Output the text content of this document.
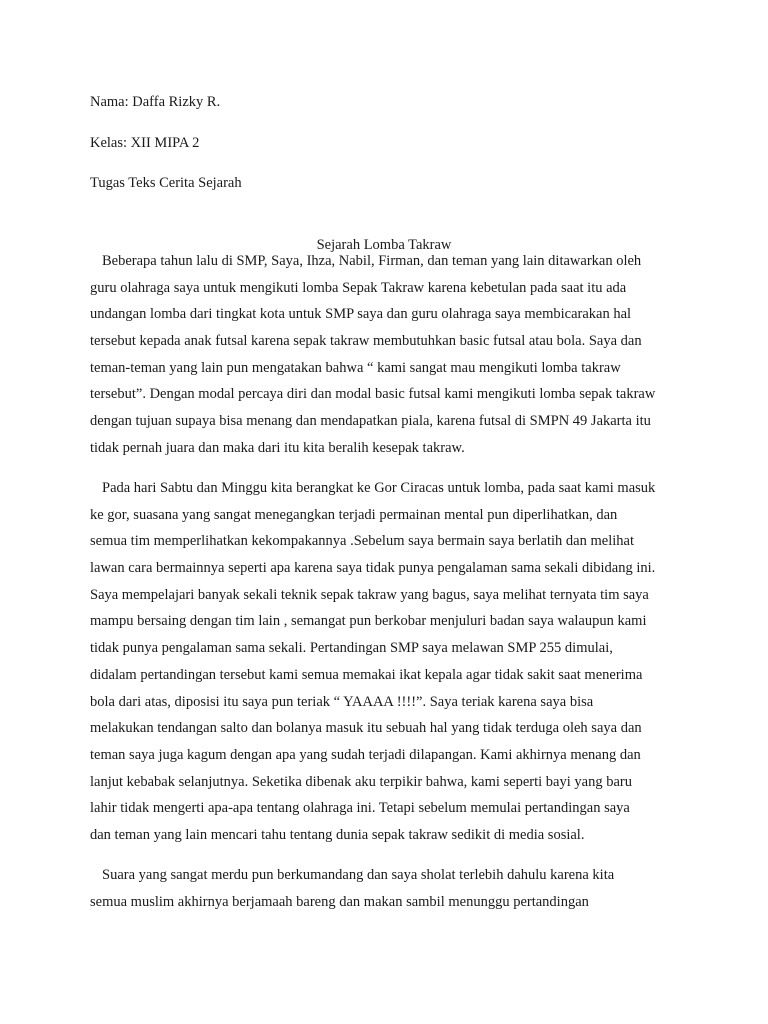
Nama: Daffa Rizky R.
Kelas: XII MIPA 2
Tugas Teks Cerita Sejarah
Sejarah Lomba Takraw
Beberapa tahun lalu di SMP, Saya, Ihza, Nabil, Firman, dan teman yang lain ditawarkan oleh
guru olahraga saya untuk mengikuti lomba Sepak Takraw karena kebetulan pada saat itu ada
undangan lomba dari tingkat kota untuk SMP saya dan guru olahraga saya membicarakan hal
tersebut kepada anak futsal karena sepak takraw membutuhkan basic futsal atau bola. Saya dan
teman-teman yang lain pun mengatakan bahwa “ kami sangat mau mengikuti lomba takraw
tersebut”. Dengan modal percaya diri dan modal basic futsal kami mengikuti lomba sepak takraw
dengan tujuan supaya bisa menang dan mendapatkan piala, karena futsal di SMPN 49 Jakarta itu
tidak pernah juara dan maka dari itu kita beralih kesepak takraw.
Pada hari Sabtu dan Minggu kita berangkat ke Gor Ciracas untuk lomba, pada saat kami masuk
ke gor, suasana yang sangat menegangkan terjadi permainan mental pun diperlihatkan, dan
semua tim memperlihatkan kekompakannya .Sebelum saya bermain saya berlatih dan melihat
lawan cara bermainnya seperti apa karena saya tidak punya pengalaman sama sekali dibidang ini.
Saya mempelajari banyak sekali teknik sepak takraw yang bagus, saya melihat ternyata tim saya
mampu bersaing dengan tim lain , semangat pun berkobar menjuluri badan saya walaupun kami
tidak punya pengalaman sama sekali. Pertandingan SMP saya melawan SMP 255 dimulai,
didalam pertandingan tersebut kami semua memakai ikat kepala agar tidak sakit saat menerima
bola dari atas, diposisi itu saya pun teriak “ YAAAA !!!!”. Saya teriak karena saya bisa
melakukan tendangan salto dan bolanya masuk itu sebuah hal yang tidak terduga oleh saya dan
teman saya juga kagum dengan apa yang sudah terjadi dilapangan. Kami akhirnya menang dan
lanjut kebabak selanjutnya. Seketika dibenak aku terpikir bahwa, kami seperti bayi yang baru
lahir tidak mengerti apa-apa tentang olahraga ini. Tetapi sebelum memulai pertandingan saya
dan teman yang lain mencari tahu tentang dunia sepak takraw sedikit di media sosial.
Suara yang sangat merdu pun berkumandang dan saya sholat terlebih dahulu karena kita
semua muslim akhirnya berjamaah bareng dan makan sambil menunggu pertandingan
